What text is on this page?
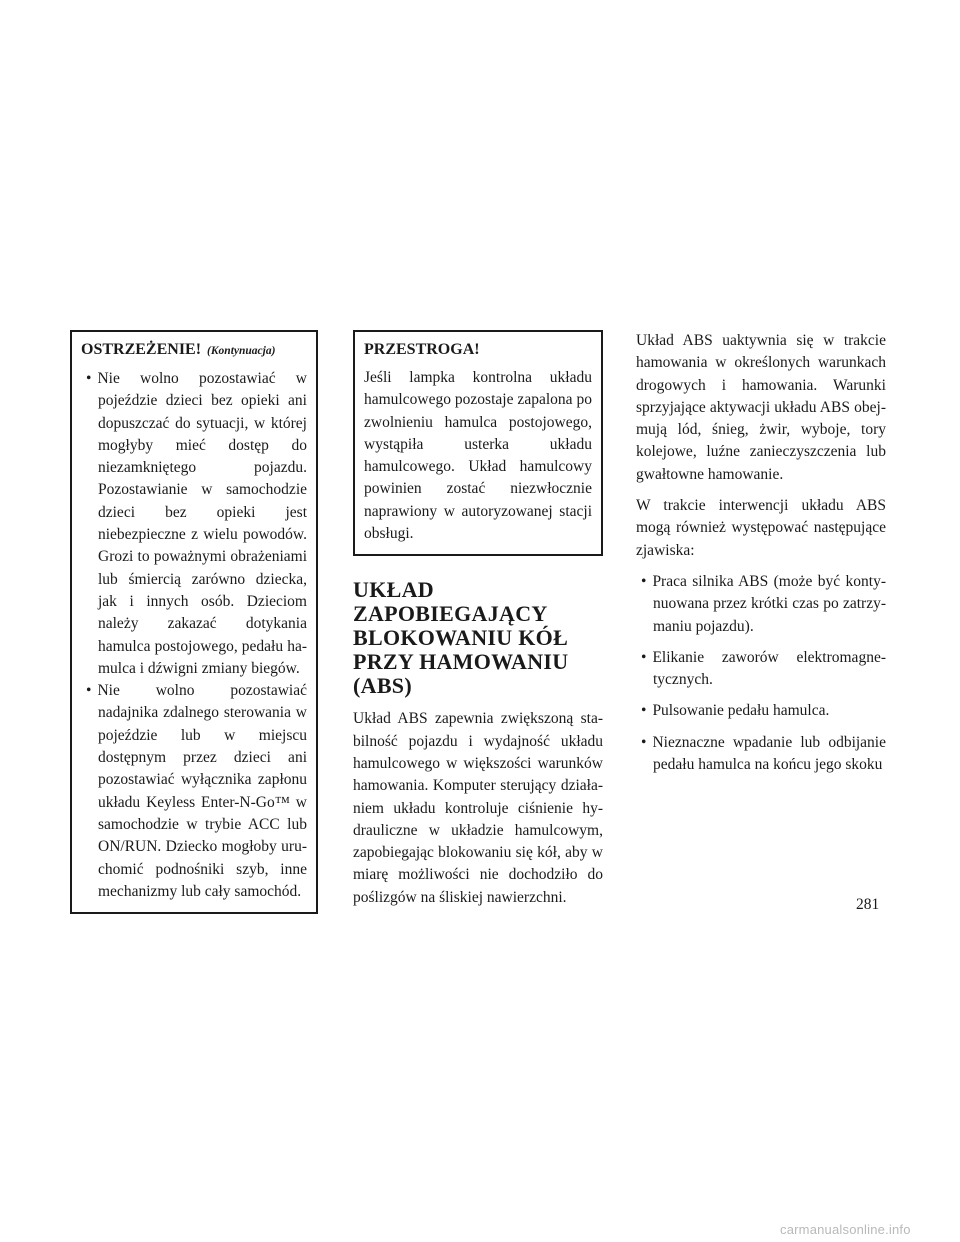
OSTRZEŻENIE! (Kontynuacja)
• Nie wolno pozostawiać w pojeździe dzieci bez opieki ani dopuszczać do sytuacji, w której mogłyby mieć dostęp do niezamkniętego pojazdu. Pozostawianie w samochodzie dzieci bez opieki jest niebezpieczne z wielu powodów. Grozi to poważnymi obrażeniami lub śmiercią zarówno dziecka, jak i innych osób. Dzieciom należy zakazać dotykania hamulca postojowego, pedału hamulca i dźwigni zmiany biegów.
• Nie wolno pozostawiać nadajnika zdalnego sterowania w pojeździe lub w miejscu dostępnym przez dzieci ani pozostawiać wyłącznika zapłonu układu Keyless Enter-N-Go™ w samochodzie w trybie ACC lub ON/RUN. Dziecko mogłoby uruchomić podnośniki szyb, inne mechanizmy lub cały samochód.
PRZESTROGA!

Jeśli lampka kontrolna układu hamulcowego pozostaje zapalona po zwolnieniu hamulca postojowego, wystąpiła usterka układu hamulcowego. Układ hamulcowy powinien zostać niezwłocznie naprawiony w autoryzowanej stacji obsługi.

UKŁAD
ZAPOBIEGAJĄCY
BLOKOWANIU KÓŁ
PRZY HAMOWANIU
(ABS)

Układ ABS zapewnia zwiększoną stabilność pojazdu i wydajność układu hamulcowego w większości warunków hamowania. Komputer sterujący działaniem układu kontroluje ciśnienie hydrauliczne w układzie hamulcowym, zapobiegając blokowaniu się kół, aby w miarę możliwości nie dochodziło do poślizgów na śliskiej nawierzchni.

Układ ABS uaktywnia się w trakcie hamowania w określonych warunkach drogowych i hamowania. Warunki sprzyjające aktywacji układu ABS obejmują lód, śnieg, żwir, wyboje, tory kolejowe, luźne zanieczyszczenia lub gwałtowne hamowanie.

W trakcie interwencji układu ABS mogą również występować następujące zjawiska:

• Praca silnika ABS (może być kontynuowana przez krótki czas po zatrzymaniu pojazdu).
• Elikanie zaworów elektromagnetycznych.
• Pulsowanie pedału hamulca.
• Nieznaczne wpadanie lub odbijanie pedału hamulca na końcu jego skoku
281
carmanualsonline.info
